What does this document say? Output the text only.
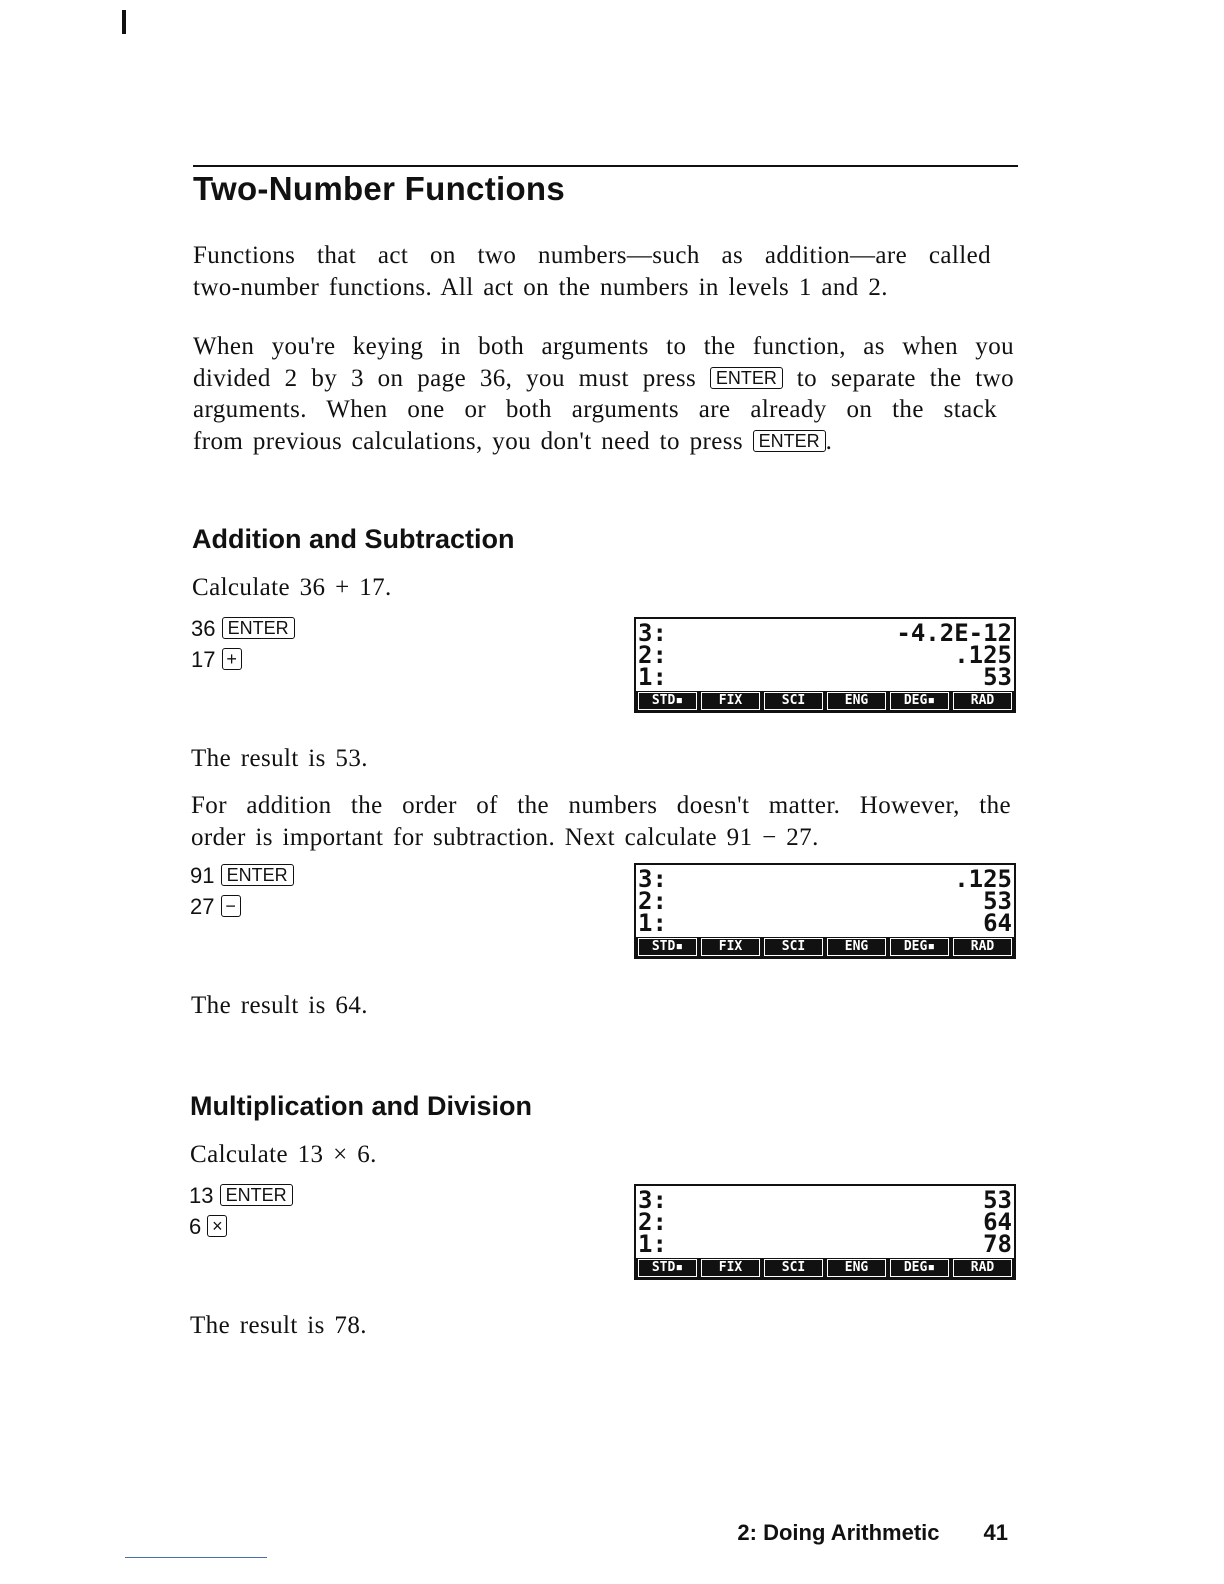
Two-Number Functions

Functions that act on two numbers—such as addition—are called
two-number functions. All act on the numbers in levels 1 and 2.

When you're keying in both arguments to the function, as when you
divided 2 by 3 on page 36, you must press ENTER to separate the two
arguments. When one or both arguments are already on the stack
from previous calculations, you don't need to press ENTER .

Addition and Subtraction

Calculate 36 + 17.

36 ENTER
17 +
3:	-4.2E-12
2:	.125
1:	53
STD▪	FIX	SCI	ENG	DEG▪	RAD

The result is 53.

For addition the order of the numbers doesn't matter. However, the
order is important for subtraction. Next calculate 91 − 27.

91 ENTER
27 −
3:	.125
2:	53
1:	64
STD▪	FIX	SCI	ENG	DEG▪	RAD

The result is 64.

Multiplication and Division

Calculate 13 × 6.

13 ENTER
6 ×
3:	53
2:	64
1:	78
STD▪	FIX	SCI	ENG	DEG▪	RAD

The result is 78.

2: Doing Arithmetic 41
